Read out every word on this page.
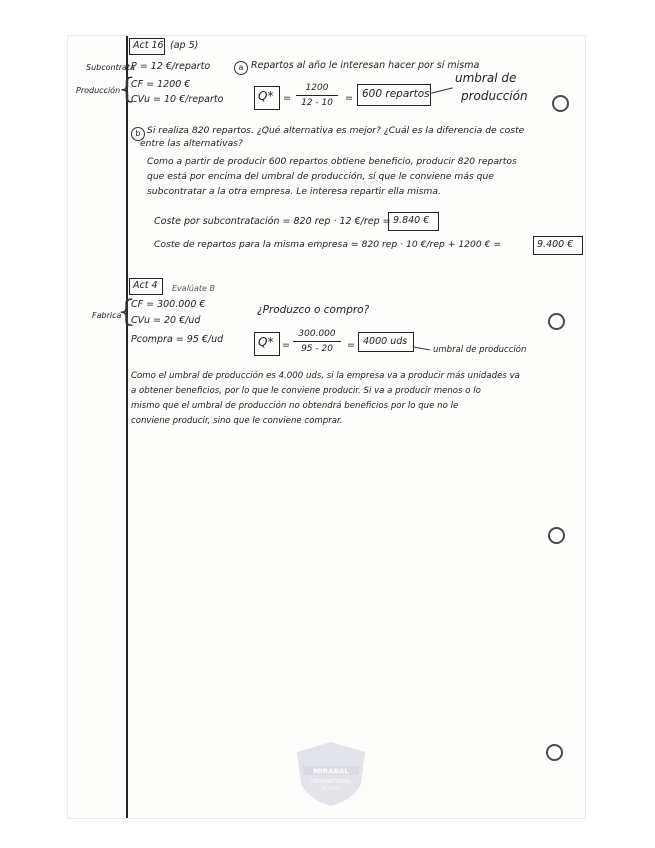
Act 16 (ap 5)
Subcontrata
Producción
{
P = 12 €/reparto
CF = 1200 €
CVu = 10 €/reparto
a Repartos al año le interesan hacer por sí misma
Q* =
1200
12 - 10	= 600 repartos
umbral de
producción
b Si realiza 820 repartos. ¿Qué alternativa es mejor? ¿Cuál es la diferencia de coste
entre las alternativas?
Como a partir de producir 600 repartos obtiene beneficio, producir 820 repartos
que está por encima del umbral de producción, sí que le conviene más que
subcontratar a la otra empresa. Le interesa repartir ella misma.
Coste por subcontratación = 820 rep · 12 €/rep = 9.840 €
Coste de repartos para la misma empresa = 820 rep · 10 €/rep + 1200 € =	9.400 €
Act 4 Evalúate B
Fabrica
{
CF = 300.000 €
CVu = 20 €/ud
Pcompra = 95 €/ud
¿Produzco o compro?
Q* =
300.000
95 - 20	= 4000 uds
umbral de producción
Como el umbral de producción es 4.000 uds, si la empresa va a producir más unidades va
a obtener beneficios, por lo que le conviene producir. Si va a producir menos o lo
mismo que el umbral de producción no obtendrá beneficios por lo que no le
conviene producir, sino que le conviene comprar.
MIRABAL
INTERNATIONAL
SCHOOL
